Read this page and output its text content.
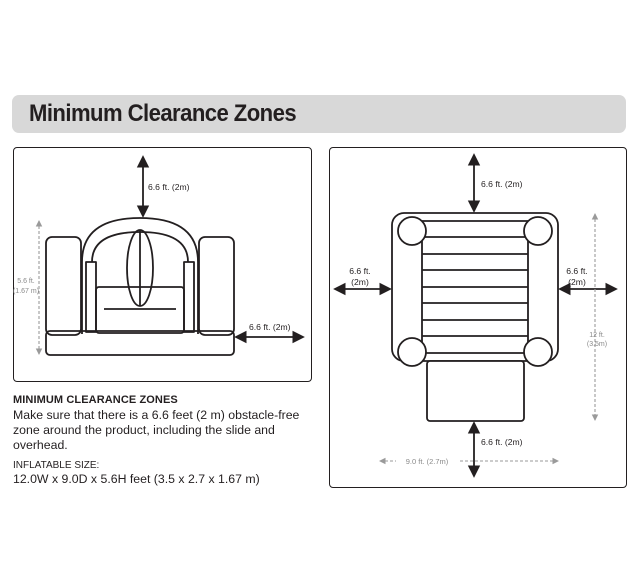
Minimum Clearance Zones
6.6 ft. (2m)
5.6 ft.
(1.67 m)
6.6 ft. (2m)
6.6 ft. (2m)
6.6 ft.
(2m)
6.6 ft.
(2m)
12 ft.
(3.5m)
6.6 ft. (2m)
9.0 ft. (2.7m)
MINIMUM CLEARANCE ZONES
Make sure that there is a 6.6 feet (2 m) obstacle-free zone around the product, including the slide and overhead.
INFLATABLE SIZE:
12.0W x 9.0D x 5.6H feet (3.5 x 2.7 x 1.67 m)
